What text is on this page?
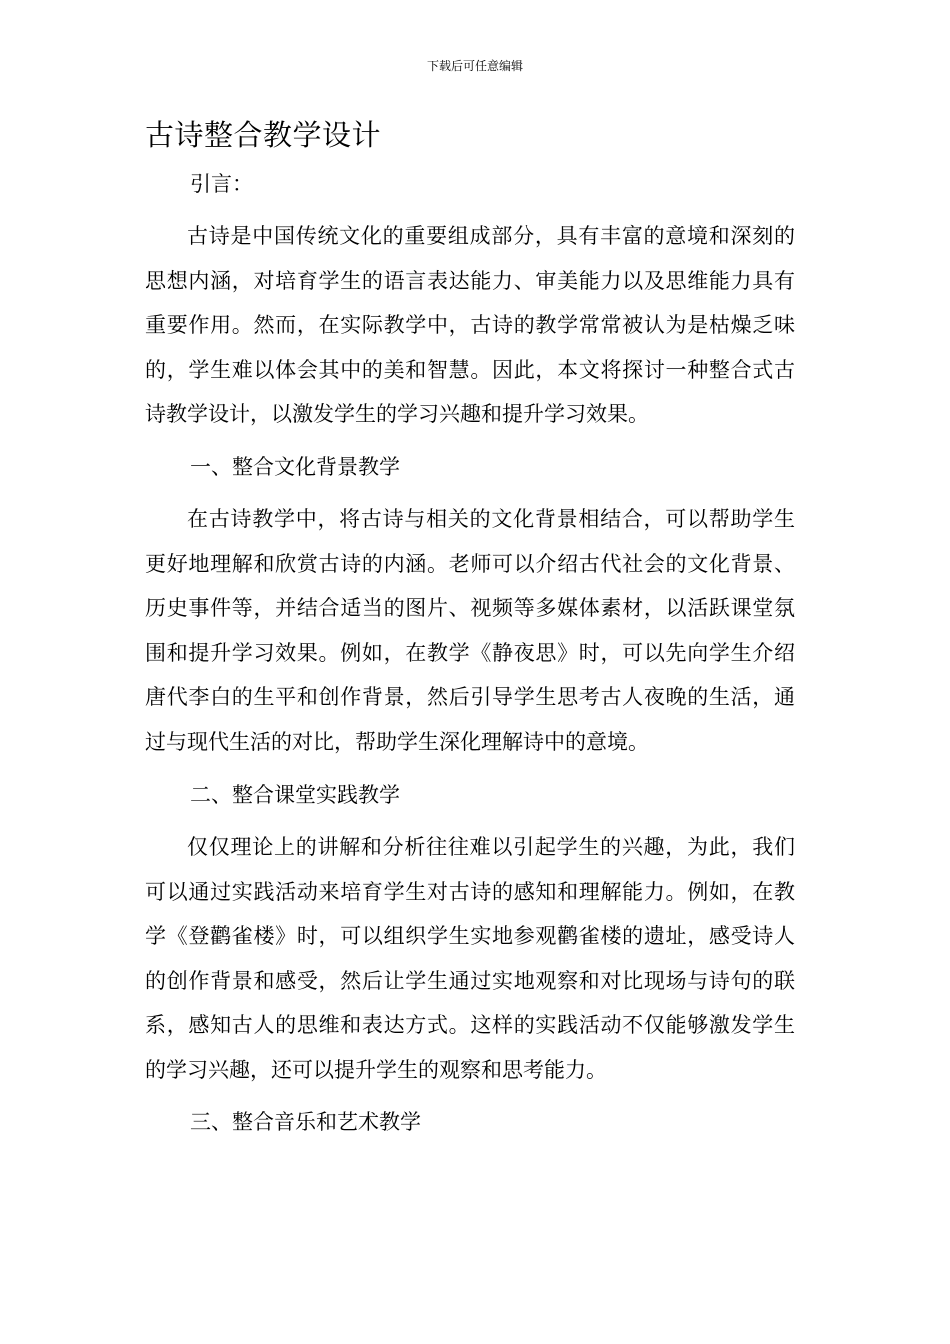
下载后可任意编辑
古诗整合教学设计

引言：

古诗是中国传统文化的重要组成部分，具有丰富的意境和深刻的思想内涵，对培育学生的语言表达能力、审美能力以及思维能力具有重要作用。然而，在实际教学中，古诗的教学常常被认为是枯燥乏味的，学生难以体会其中的美和智慧。因此，本文将探讨一种整合式古诗教学设计，以激发学生的学习兴趣和提升学习效果。

一、整合文化背景教学

在古诗教学中，将古诗与相关的文化背景相结合，可以帮助学生更好地理解和欣赏古诗的内涵。老师可以介绍古代社会的文化背景、历史事件等，并结合适当的图片、视频等多媒体素材，以活跃课堂氛围和提升学习效果。例如，在教学《静夜思》时，可以先向学生介绍唐代李白的生平和创作背景，然后引导学生思考古人夜晚的生活，通过与现代生活的对比，帮助学生深化理解诗中的意境。

二、整合课堂实践教学

仅仅理论上的讲解和分析往往难以引起学生的兴趣，为此，我们可以通过实践活动来培育学生对古诗的感知和理解能力。例如，在教学《登鹳雀楼》时，可以组织学生实地参观鹳雀楼的遗址，感受诗人的创作背景和感受，然后让学生通过实地观察和对比现场与诗句的联系，感知古人的思维和表达方式。这样的实践活动不仅能够激发学生的学习兴趣，还可以提升学生的观察和思考能力。

三、整合音乐和艺术教学
